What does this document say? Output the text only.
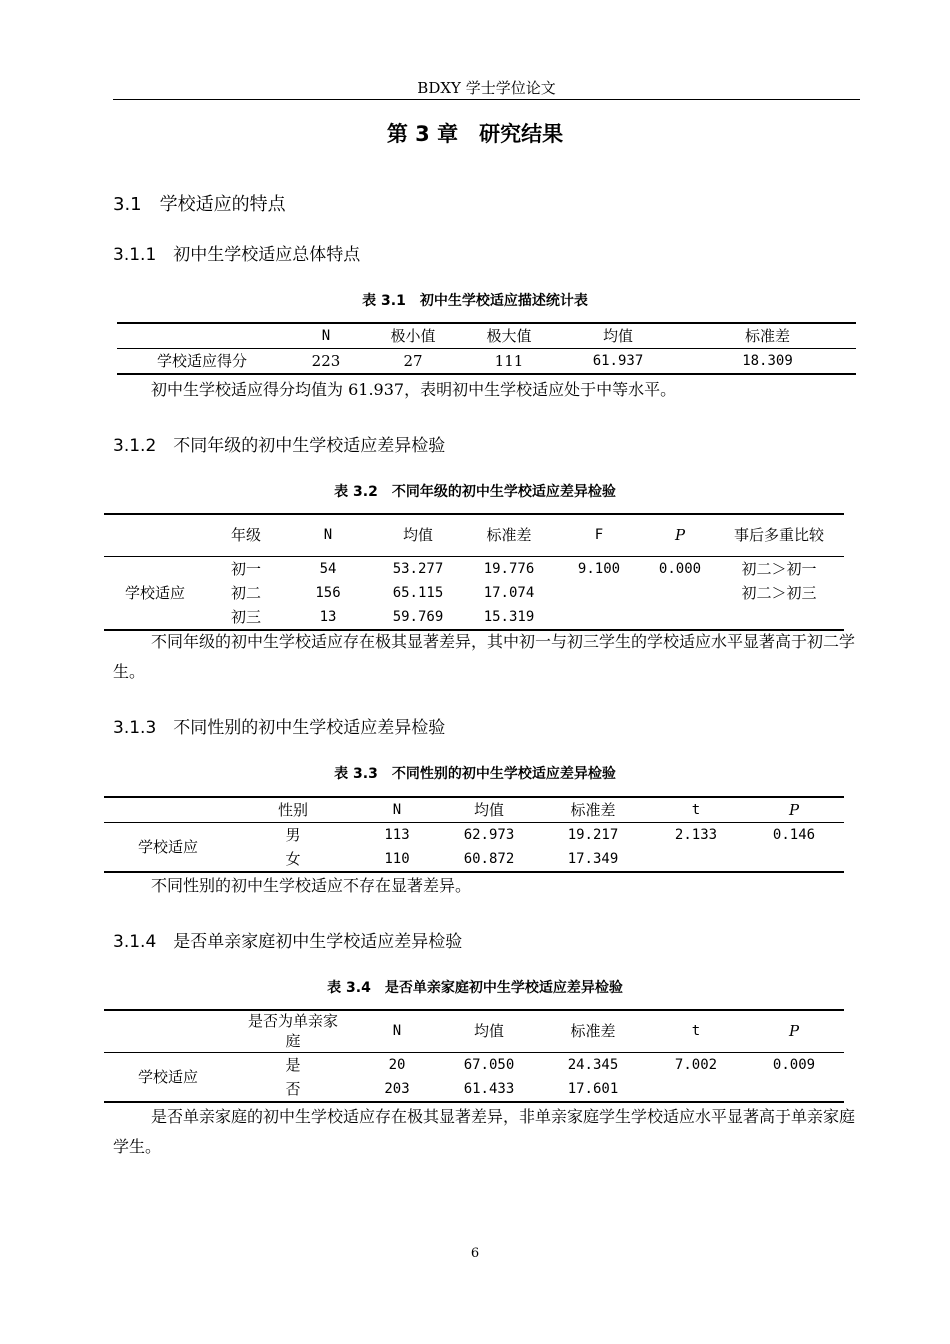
BDXY 学士学位论文
第 3 章　研究结果
3.1　学校适应的特点
3.1.1　初中生学校适应总体特点
表 3.1　初中生学校适应描述统计表
	N	极小值	极大值	均值	标准差
学校适应得分	223	27	111	61.937	18.309
初中生学校适应得分均值为 61.937，表明初中生学校适应处于中等水平。
3.1.2　不同年级的初中生学校适应差异检验
表 3.2　不同年级的初中生学校适应差异检验
	年级	N	均值	标准差	F	P	事后多重比较
学校适应	初一	54	53.277	19.776	9.100	0.000	初二＞初一
	初二	156	65.115	17.074			初二＞初三
	初三	13	59.769	15.319			
不同年级的初中生学校适应存在极其显著差异，其中初一与初三学生的学校适应水平显著高于初二学生。
3.1.3　不同性别的初中生学校适应差异检验
表 3.3　不同性别的初中生学校适应差异检验
	性别	N	均值	标准差	t	P
学校适应	男	113	62.973	19.217	2.133	0.146
	女	110	60.872	17.349		
不同性别的初中生学校适应不存在显著差异。
3.1.4　是否单亲家庭初中生学校适应差异检验
表 3.4　是否单亲家庭初中生学校适应差异检验
	是否为单亲家庭	N	均值	标准差	t	P
学校适应	是	20	67.050	24.345	7.002	0.009
	否	203	61.433	17.601		
是否单亲家庭的初中生学校适应存在极其显著差异，非单亲家庭学生学校适应水平显著高于单亲家庭学生。
6
